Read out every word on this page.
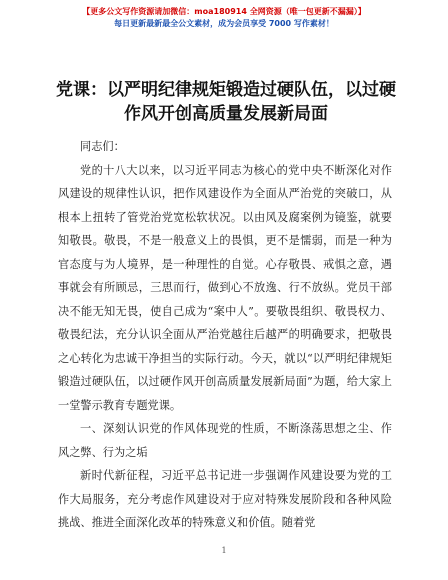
【更多公文写作资源请加微信：moa180914 全网资源（唯一包更新不漏漏）】
每日更新最新最全公文素材，成为会员享受 7000 写作素材！
党课：以严明纪律规矩锻造过硬队伍，以过硬作风开创高质量发展新局面

同志们：

党的十八大以来，以习近平同志为核心的党中央不断深化对作风建设的规律性认识，把作风建设作为全面从严治党的突破口，从根本上扭转了管党治党宽松软状况。以由风及腐案例为镜鉴，就要知敬畏。敬畏，不是一般意义上的畏惧，更不是懦弱，而是一种为官态度与为人境界，是一种理性的自觉。心存敬畏、戒惧之意，遇事就会有所顾忌，三思而行，做到心不放逸、行不放纵。党员干部决不能无知无畏，使自己成为“案中人”。要敬畏组织、敬畏权力、敬畏纪法，充分认识全面从严治党越往后越严的明确要求，把敬畏之心转化为忠诚干净担当的实际行动。今天，就以“以严明纪律规矩锻造过硬队伍，以过硬作风开创高质量发展新局面”为题，给大家上一堂警示教育专题党课。

一、深刻认识党的作风体现党的性质，不断涤荡思想之尘、作风之弊、行为之垢

新时代新征程，习近平总书记进一步强调作风建设要为党的工作大局服务，充分考虑作风建设对于应对特殊发展阶段和各种风险挑战、推进全面深化改革的特殊意义和价值。随着党

1
